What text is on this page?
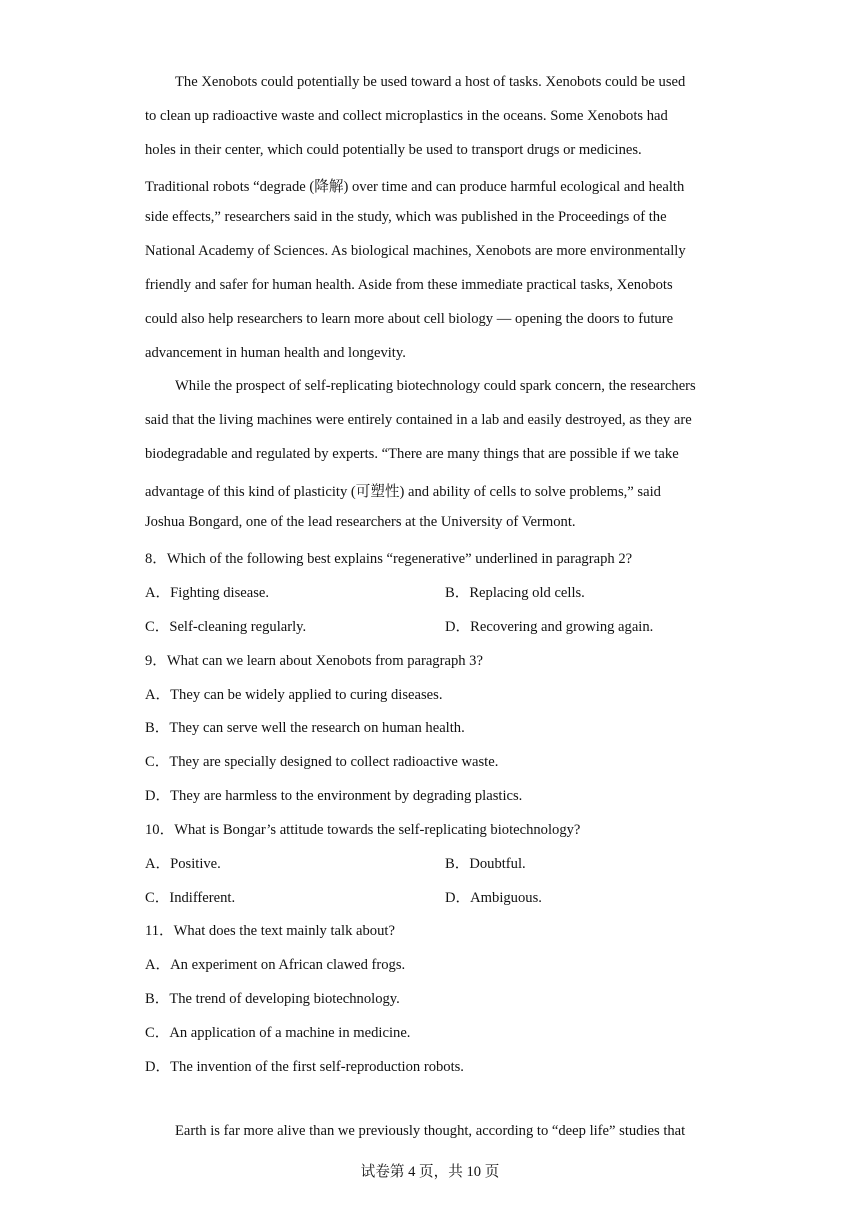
The Xenobots could potentially be used toward a host of tasks. Xenobots could be used
to clean up radioactive waste and collect microplastics in the oceans. Some Xenobots had
holes in their center, which could potentially be used to transport drugs or medicines.
Traditional robots “degrade (降解) over time and can produce harmful ecological and health
side effects,” researchers said in the study, which was published in the Proceedings of the
National Academy of Sciences. As biological machines, Xenobots are more environmentally
friendly and safer for human health. Aside from these immediate practical tasks, Xenobots
could also help researchers to learn more about cell biology — opening the doors to future
advancement in human health and longevity.
While the prospect of self-replicating biotechnology could spark concern, the researchers
said that the living machines were entirely contained in a lab and easily destroyed, as they are
biodegradable and regulated by experts. “There are many things that are possible if we take
advantage of this kind of plasticity (可塑性) and ability of cells to solve problems,” said
Joshua Bongard, one of the lead researchers at the University of Vermont.
8．Which of the following best explains “regenerative” underlined in paragraph 2?
A．Fighting disease.	B．Replacing old cells.
C．Self-cleaning regularly.	D．Recovering and growing again.
9．What can we learn about Xenobots from paragraph 3?
A．They can be widely applied to curing diseases.
B．They can serve well the research on human health.
C．They are specially designed to collect radioactive waste.
D．They are harmless to the environment by degrading plastics.
10．What is Bongar’s attitude towards the self-replicating biotechnology?
A．Positive.	B．Doubtful.
C．Indifferent.	D．Ambiguous.
11．What does the text mainly talk about?
A．An experiment on African clawed frogs.
B．The trend of developing biotechnology.
C．An application of a machine in medicine.
D．The invention of the first self-reproduction robots.
Earth is far more alive than we previously thought, according to “deep life” studies that
试卷第 4 页，共 10 页
